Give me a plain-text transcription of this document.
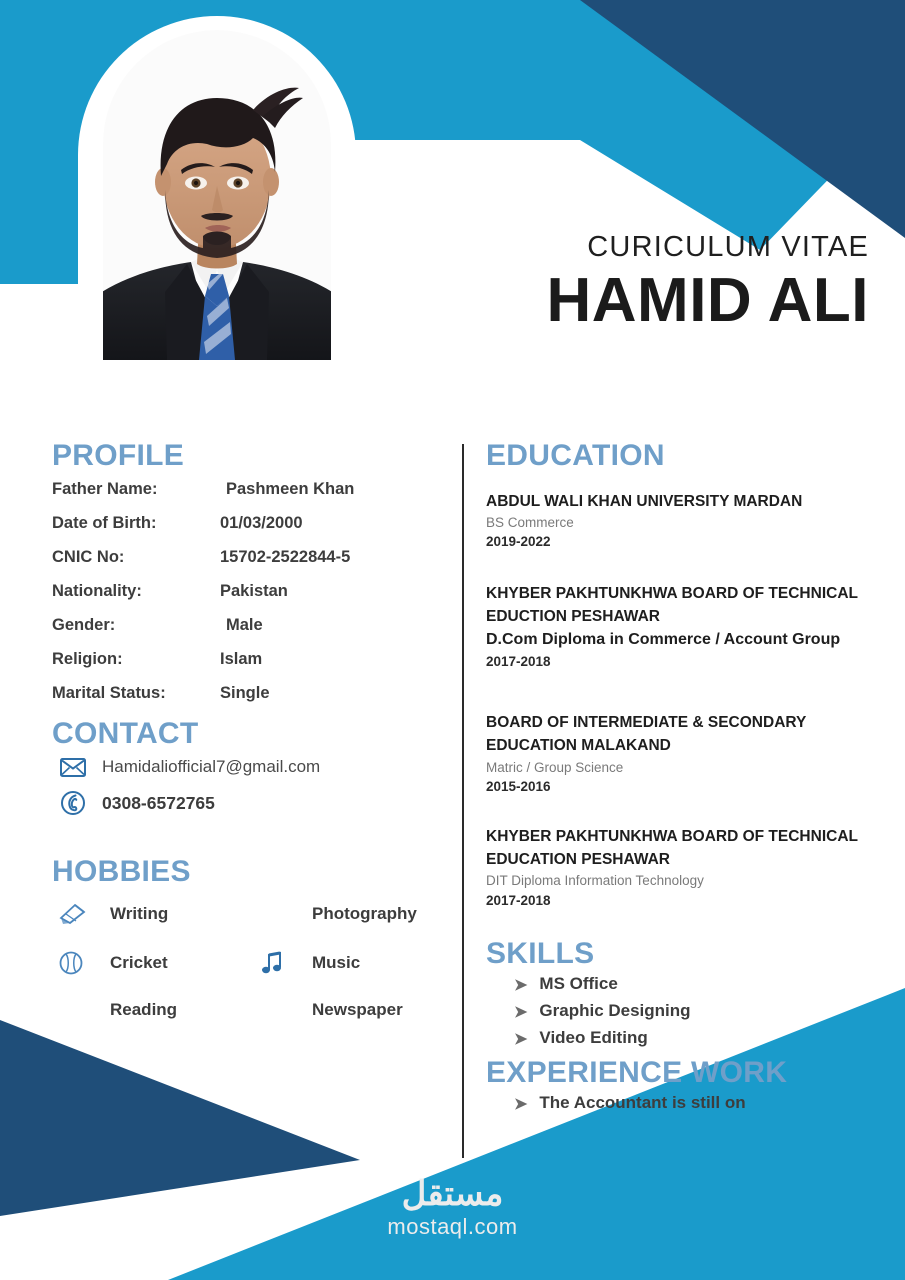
CURICULUM VITAE
HAMID ALI
PROFILE
Father Name:	Pashmeen Khan
Date of Birth:	01/03/2000
CNIC No:	15702-2522844-5
Nationality:	Pakistan
Gender:	Male
Religion:	Islam
Marital Status:	Single
CONTACT
Hamidaliofficial7@gmail.com
0308-6572765
HOBBIES
Writing	Photography
Cricket	Music
Reading	Newspaper
EDUCATION
ABDUL WALI KHAN UNIVERSITY MARDAN
BS Commerce
2019-2022
KHYBER PAKHTUNKHWA BOARD OF TECHNICAL EDUCTION PESHAWAR
D.Com Diploma in Commerce / Account Group
2017-2018
BOARD OF INTERMEDIATE & SECONDARY EDUCATION MALAKAND
Matric / Group Science
2015-2016
KHYBER PAKHTUNKHWA BOARD OF TECHNICAL EDUCATION PESHAWAR
DIT Diploma Information Technology
2017-2018
SKILLS
➤ MS Office
➤ Graphic Designing
➤ Video Editing
EXPERIENCE WORK
➤ The Accountant is still on
مستقل
mostaql.com
